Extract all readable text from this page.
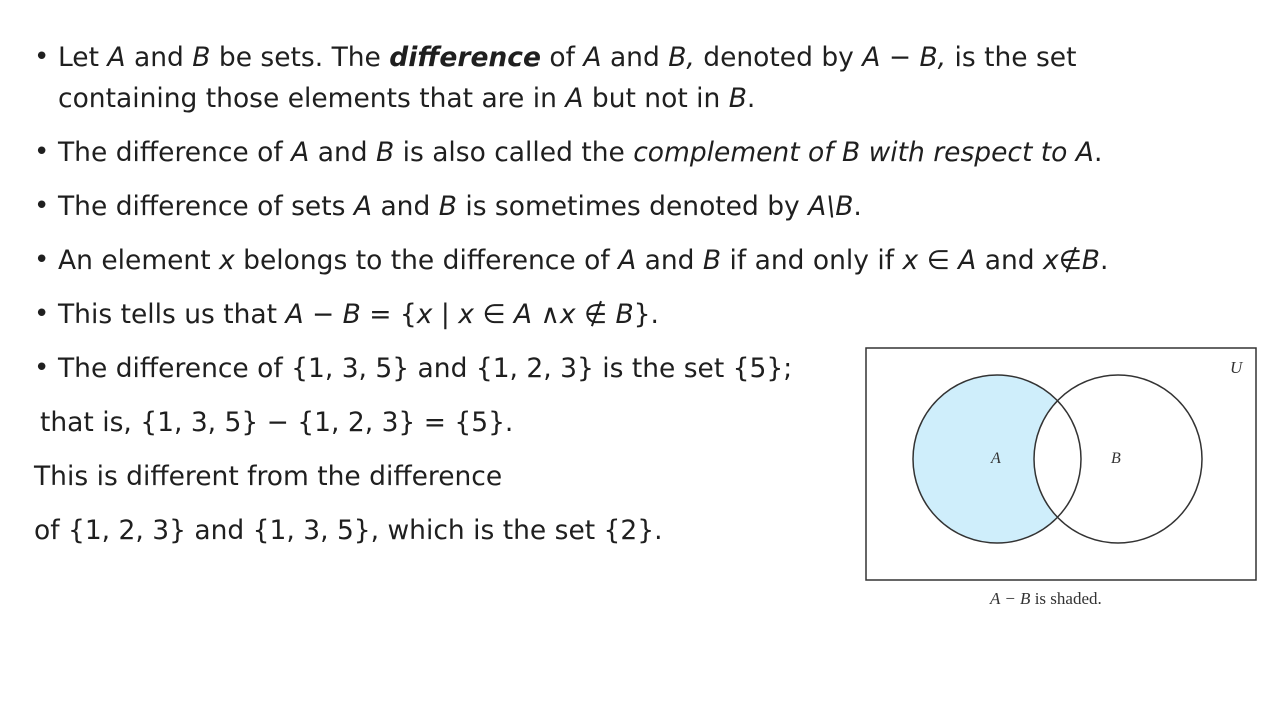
• Let A and B be sets. The difference of A and B, denoted by A − B, is the set
containing those elements that are in A but not in B.
• The difference of A and B is also called the complement of B with respect to A.
• The difference of sets A and B is sometimes denoted by A\B.
• An element x belongs to the difference of A and B if and only if x ∈ A and x∉B.
• This tells us that A − B = {x | x ∈ A ∧x ∉ B}.
• The difference of {1, 3, 5} and {1, 2, 3} is the set {5};
that is, {1, 3, 5} − {1, 2, 3} = {5}.
This is different from the difference
of {1, 2, 3} and {1, 3, 5}, which is the set {2}.
U
A	B
A − B is shaded.
